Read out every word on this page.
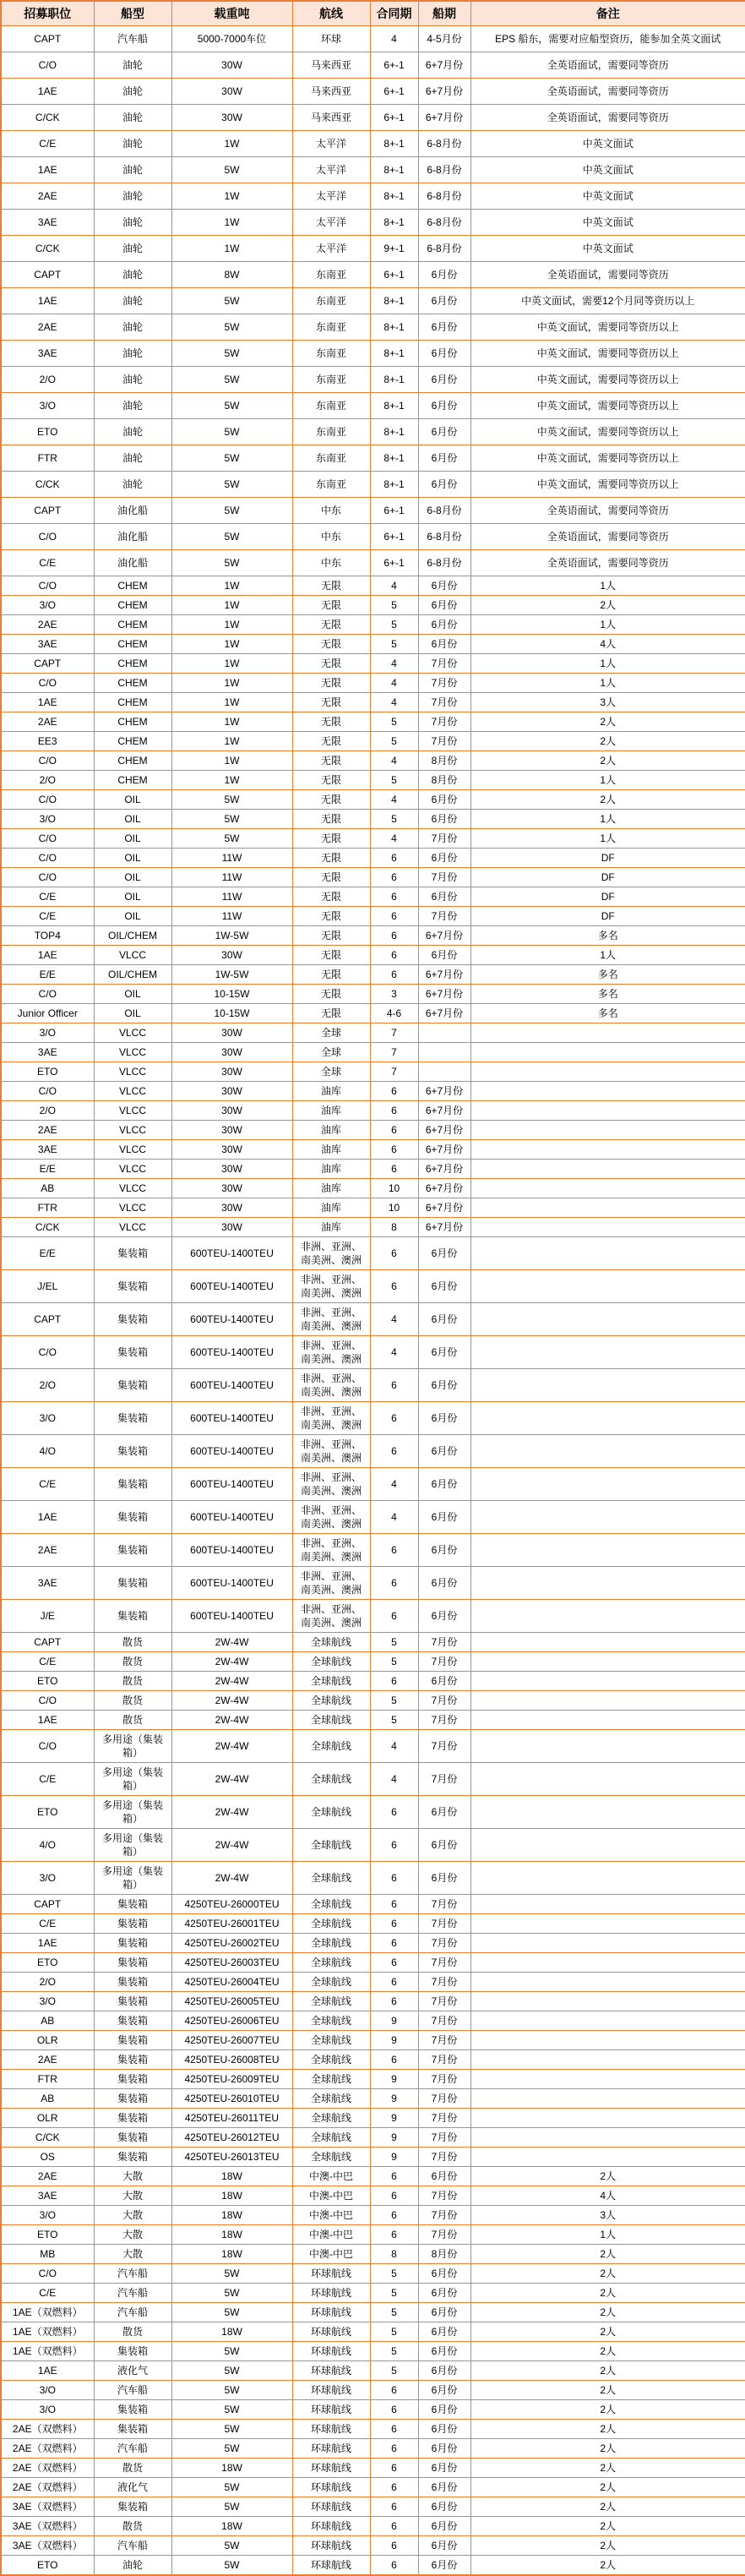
招募职位	船型	载重吨	航线	合同期	船期	备注
CAPT	汽车船	5000-7000车位	环球	4	4-5月份	EPS 船东，需要对应船型资历，能参加全英文面试
C/O	油轮	30W	马来西亚	6+-1	6+7月份	全英语面试，需要同等资历
1AE	油轮	30W	马来西亚	6+-1	6+7月份	全英语面试，需要同等资历
C/CK	油轮	30W	马来西亚	6+-1	6+7月份	全英语面试，需要同等资历
C/E	油轮	1W	太平洋	8+-1	6-8月份	中英文面试
1AE	油轮	5W	太平洋	8+-1	6-8月份	中英文面试
2AE	油轮	1W	太平洋	8+-1	6-8月份	中英文面试
3AE	油轮	1W	太平洋	8+-1	6-8月份	中英文面试
C/CK	油轮	1W	太平洋	9+-1	6-8月份	中英文面试
CAPT	油轮	8W	东南亚	6+-1	6月份	全英语面试，需要同等资历
1AE	油轮	5W	东南亚	8+-1	6月份	中英文面试，需要12个月同等资历以上
2AE	油轮	5W	东南亚	8+-1	6月份	中英文面试，需要同等资历以上
3AE	油轮	5W	东南亚	8+-1	6月份	中英文面试，需要同等资历以上
2/O	油轮	5W	东南亚	8+-1	6月份	中英文面试，需要同等资历以上
3/O	油轮	5W	东南亚	8+-1	6月份	中英文面试，需要同等资历以上
ETO	油轮	5W	东南亚	8+-1	6月份	中英文面试，需要同等资历以上
FTR	油轮	5W	东南亚	8+-1	6月份	中英文面试，需要同等资历以上
C/CK	油轮	5W	东南亚	8+-1	6月份	中英文面试，需要同等资历以上
CAPT	油化船	5W	中东	6+-1	6-8月份	全英语面试，需要同等资历
C/O	油化船	5W	中东	6+-1	6-8月份	全英语面试，需要同等资历
C/E	油化船	5W	中东	6+-1	6-8月份	全英语面试，需要同等资历
C/O	CHEM	1W	无限	4	6月份	1人
3/O	CHEM	1W	无限	5	6月份	2人
2AE	CHEM	1W	无限	5	6月份	1人
3AE	CHEM	1W	无限	5	6月份	4人
CAPT	CHEM	1W	无限	4	7月份	1人
C/O	CHEM	1W	无限	4	7月份	1人
1AE	CHEM	1W	无限	4	7月份	3人
2AE	CHEM	1W	无限	5	7月份	2人
EE3	CHEM	1W	无限	5	7月份	2人
C/O	CHEM	1W	无限	4	8月份	2人
2/O	CHEM	1W	无限	5	8月份	1人
C/O	OIL	5W	无限	4	6月份	2人
3/O	OIL	5W	无限	5	6月份	1人
C/O	OIL	5W	无限	4	7月份	1人
C/O	OIL	11W	无限	6	6月份	DF
C/O	OIL	11W	无限	6	7月份	DF
C/E	OIL	11W	无限	6	6月份	DF
C/E	OIL	11W	无限	6	7月份	DF
TOP4	OIL/CHEM	1W-5W	无限	6	6+7月份	多名
1AE	VLCC	30W	无限	6	6月份	1人
E/E	OIL/CHEM	1W-5W	无限	6	6+7月份	多名
C/O	OIL	10-15W	无限	3	6+7月份	多名
Junior Officer	OIL	10-15W	无限	4-6	6+7月份	多名
3/O	VLCC	30W	全球	7		
3AE	VLCC	30W	全球	7		
ETO	VLCC	30W	全球	7		
C/O	VLCC	30W	油库	6	6+7月份	
2/O	VLCC	30W	油库	6	6+7月份	
2AE	VLCC	30W	油库	6	6+7月份	
3AE	VLCC	30W	油库	6	6+7月份	
E/E	VLCC	30W	油库	6	6+7月份	
AB	VLCC	30W	油库	10	6+7月份	
FTR	VLCC	30W	油库	10	6+7月份	
C/CK	VLCC	30W	油库	8	6+7月份	
E/E	集装箱	600TEU-1400TEU	非洲、亚洲、南美洲、澳洲	6	6月份	
J/EL	集装箱	600TEU-1400TEU	非洲、亚洲、南美洲、澳洲	6	6月份	
CAPT	集装箱	600TEU-1400TEU	非洲、亚洲、南美洲、澳洲	4	6月份	
C/O	集装箱	600TEU-1400TEU	非洲、亚洲、南美洲、澳洲	4	6月份	
2/O	集装箱	600TEU-1400TEU	非洲、亚洲、南美洲、澳洲	6	6月份	
3/O	集装箱	600TEU-1400TEU	非洲、亚洲、南美洲、澳洲	6	6月份	
4/O	集装箱	600TEU-1400TEU	非洲、亚洲、南美洲、澳洲	6	6月份	
C/E	集装箱	600TEU-1400TEU	非洲、亚洲、南美洲、澳洲	4	6月份	
1AE	集装箱	600TEU-1400TEU	非洲、亚洲、南美洲、澳洲	4	6月份	
2AE	集装箱	600TEU-1400TEU	非洲、亚洲、南美洲、澳洲	6	6月份	
3AE	集装箱	600TEU-1400TEU	非洲、亚洲、南美洲、澳洲	6	6月份	
J/E	集装箱	600TEU-1400TEU	非洲、亚洲、南美洲、澳洲	6	6月份	
CAPT	散货	2W-4W	全球航线	5	7月份	
C/E	散货	2W-4W	全球航线	5	7月份	
ETO	散货	2W-4W	全球航线	6	6月份	
C/O	散货	2W-4W	全球航线	5	7月份	
1AE	散货	2W-4W	全球航线	5	7月份	
C/O	多用途（集装箱）	2W-4W	全球航线	4	7月份	
C/E	多用途（集装箱）	2W-4W	全球航线	4	7月份	
ETO	多用途（集装箱）	2W-4W	全球航线	6	6月份	
4/O	多用途（集装箱）	2W-4W	全球航线	6	6月份	
3/O	多用途（集装箱）	2W-4W	全球航线	6	6月份	
CAPT	集装箱	4250TEU-26000TEU	全球航线	6	7月份	
C/E	集装箱	4250TEU-26001TEU	全球航线	6	7月份	
1AE	集装箱	4250TEU-26002TEU	全球航线	6	7月份	
ETO	集装箱	4250TEU-26003TEU	全球航线	6	7月份	
2/O	集装箱	4250TEU-26004TEU	全球航线	6	7月份	
3/O	集装箱	4250TEU-26005TEU	全球航线	6	7月份	
AB	集装箱	4250TEU-26006TEU	全球航线	9	7月份	
OLR	集装箱	4250TEU-26007TEU	全球航线	9	7月份	
2AE	集装箱	4250TEU-26008TEU	全球航线	6	7月份	
FTR	集装箱	4250TEU-26009TEU	全球航线	9	7月份	
AB	集装箱	4250TEU-26010TEU	全球航线	9	7月份	
OLR	集装箱	4250TEU-26011TEU	全球航线	9	7月份	
C/CK	集装箱	4250TEU-26012TEU	全球航线	9	7月份	
OS	集装箱	4250TEU-26013TEU	全球航线	9	7月份	
2AE	大散	18W	中澳-中巴	6	6月份	2人
3AE	大散	18W	中澳-中巴	6	7月份	4人
3/O	大散	18W	中澳-中巴	6	7月份	3人
ETO	大散	18W	中澳-中巴	6	7月份	1人
MB	大散	18W	中澳-中巴	8	8月份	2人
C/O	汽车船	5W	环球航线	5	6月份	2人
C/E	汽车船	5W	环球航线	5	6月份	2人
1AE（双燃料）	汽车船	5W	环球航线	5	6月份	2人
1AE（双燃料）	散货	18W	环球航线	5	6月份	2人
1AE（双燃料）	集装箱	5W	环球航线	5	6月份	2人
1AE	液化气	5W	环球航线	5	6月份	2人
3/O	汽车船	5W	环球航线	6	6月份	2人
3/O	集装箱	5W	环球航线	6	6月份	2人
2AE（双燃料）	集装箱	5W	环球航线	6	6月份	2人
2AE（双燃料）	汽车船	5W	环球航线	6	6月份	2人
2AE（双燃料）	散货	18W	环球航线	6	6月份	2人
2AE（双燃料）	液化气	5W	环球航线	6	6月份	2人
3AE（双燃料）	集装箱	5W	环球航线	6	6月份	2人
3AE（双燃料）	散货	18W	环球航线	6	6月份	2人
3AE（双燃料）	汽车船	5W	环球航线	6	6月份	2人
ETO	油轮	5W	环球航线	6	6月份	2人
